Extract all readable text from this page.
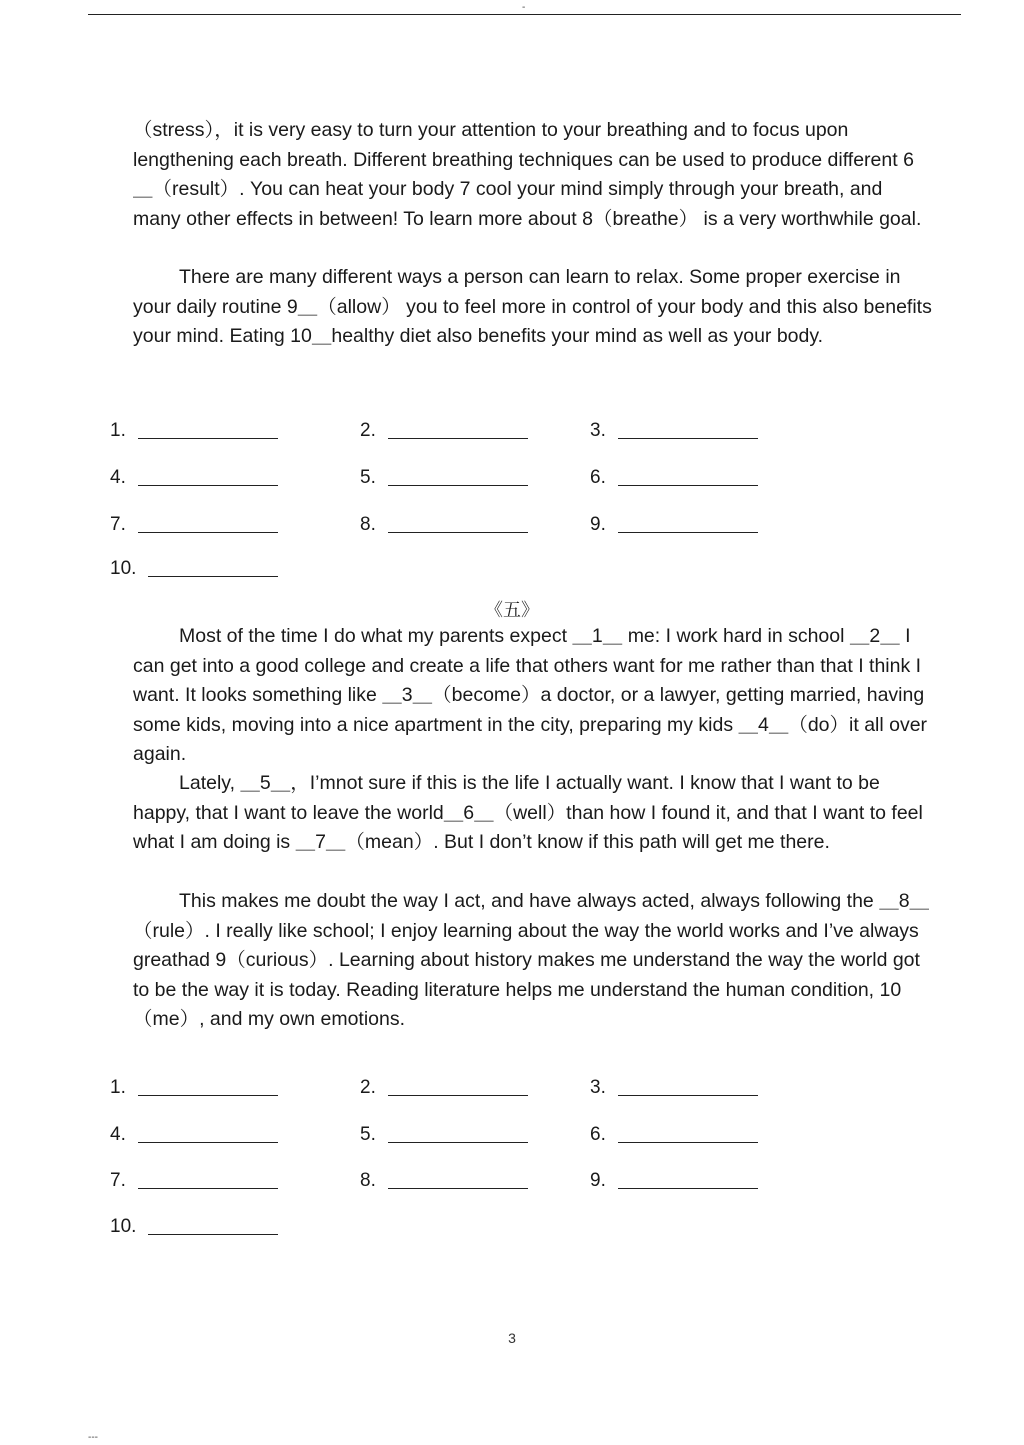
-

（stress），it is very easy to turn your attention to your breathing and to focus upon lengthening each breath. Different breathing techniques can be used to produce different 6＿（result）. You can heat your body 7 cool your mind simply through your breath, and many other effects in between! To learn more about 8（breathe） is a very worthwhile goal.

There are many different ways a person can learn to relax. Some proper exercise in your daily routine 9＿（allow） you to feel more in control of your body and this also benefits your mind. Eating 10＿healthy diet also benefits your mind as well as your body.

1.	2.	3.
4.	5.	6.
7.	8.	9.
10.
《五》

Most of the time I do what my parents expect ＿1＿ me: I work hard in school ＿2＿ I can get into a good college and create a life that others want for me rather than that I think I want. It looks something like ＿3＿（become）a doctor, or a lawyer, getting married, having some kids, moving into a nice apartment in the city, preparing my kids ＿4＿（do）it all over again.

Lately, ＿5＿，I’mnot sure if this is the life I actually want. I know that I want to be happy, that I want to leave the world＿6＿（well）than how I found it, and that I want to feel what I am doing is ＿7＿（mean）. But I don’t know if this path will get me there.

This makes me doubt the way I act, and have always acted, always following the ＿8＿（rule）. I really like school; I enjoy learning about the way the world works and I’ve always greathad 9（curious）. Learning about history makes me understand the way the world got to be the way it is today. Reading literature helps me understand the human condition, 10（me）, and my own emotions.

1.	2.	3.
4.	5.	6.
7.	8.	9.
10.
3
---
